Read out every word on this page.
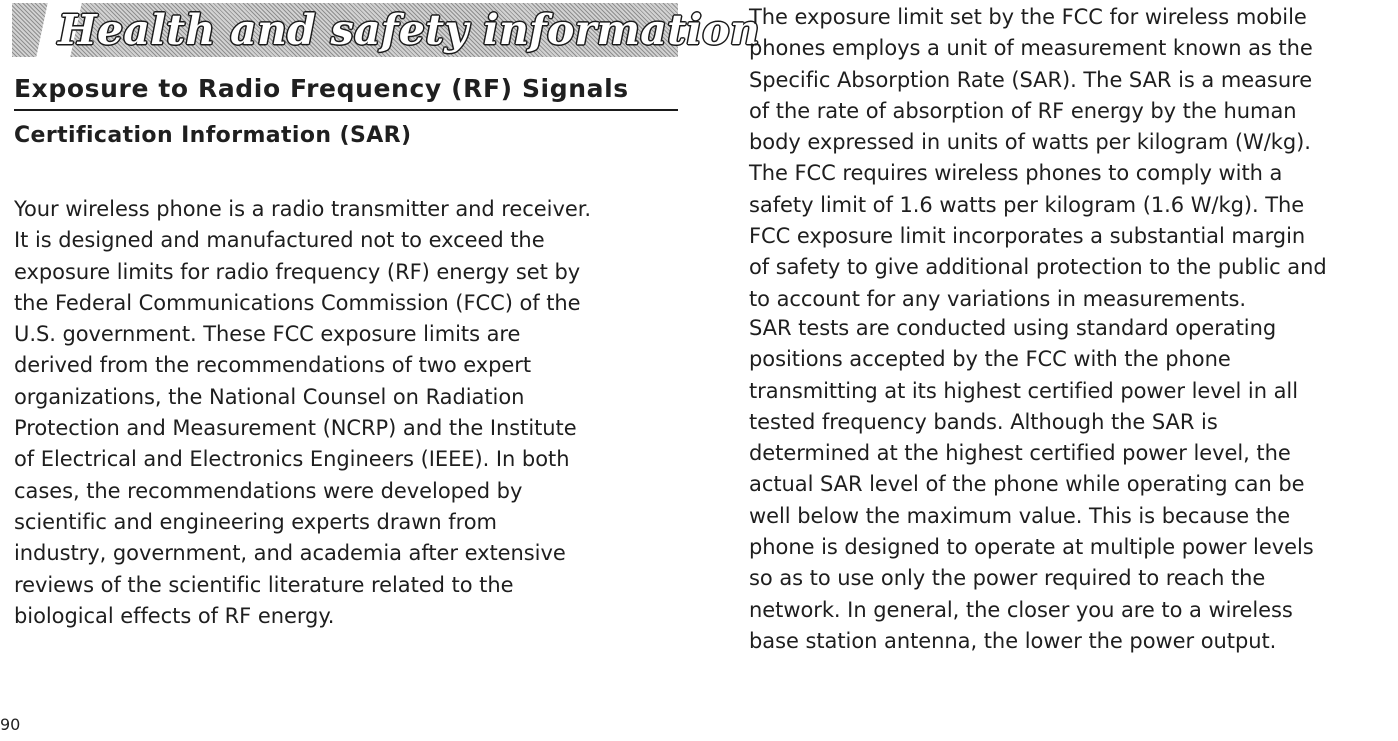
Health and safety information
Exposure to Radio Frequency (RF) Signals
Certification Information (SAR)

Your wireless phone is a radio transmitter and receiver.
It is designed and manufactured not to exceed the
exposure limits for radio frequency (RF) energy set by
the Federal Communications Commission (FCC) of the
U.S. government. These FCC exposure limits are
derived from the recommendations of two expert
organizations, the National Counsel on Radiation
Protection and Measurement (NCRP) and the Institute
of Electrical and Electronics Engineers (IEEE). In both
cases, the recommendations were developed by
scientific and engineering experts drawn from
industry, government, and academia after extensive
reviews of the scientific literature related to the
biological effects of RF energy.

The exposure limit set by the FCC for wireless mobile
phones employs a unit of measurement known as the
Specific Absorption Rate (SAR). The SAR is a measure
of the rate of absorption of RF energy by the human
body expressed in units of watts per kilogram (W/kg).
The FCC requires wireless phones to comply with a
safety limit of 1.6 watts per kilogram (1.6 W/kg). The
FCC exposure limit incorporates a substantial margin
of safety to give additional protection to the public and
to account for any variations in measurements.

SAR tests are conducted using standard operating
positions accepted by the FCC with the phone
transmitting at its highest certified power level in all
tested frequency bands. Although the SAR is
determined at the highest certified power level, the
actual SAR level of the phone while operating can be
well below the maximum value. This is because the
phone is designed to operate at multiple power levels
so as to use only the power required to reach the
network. In general, the closer you are to a wireless
base station antenna, the lower the power output.

90
